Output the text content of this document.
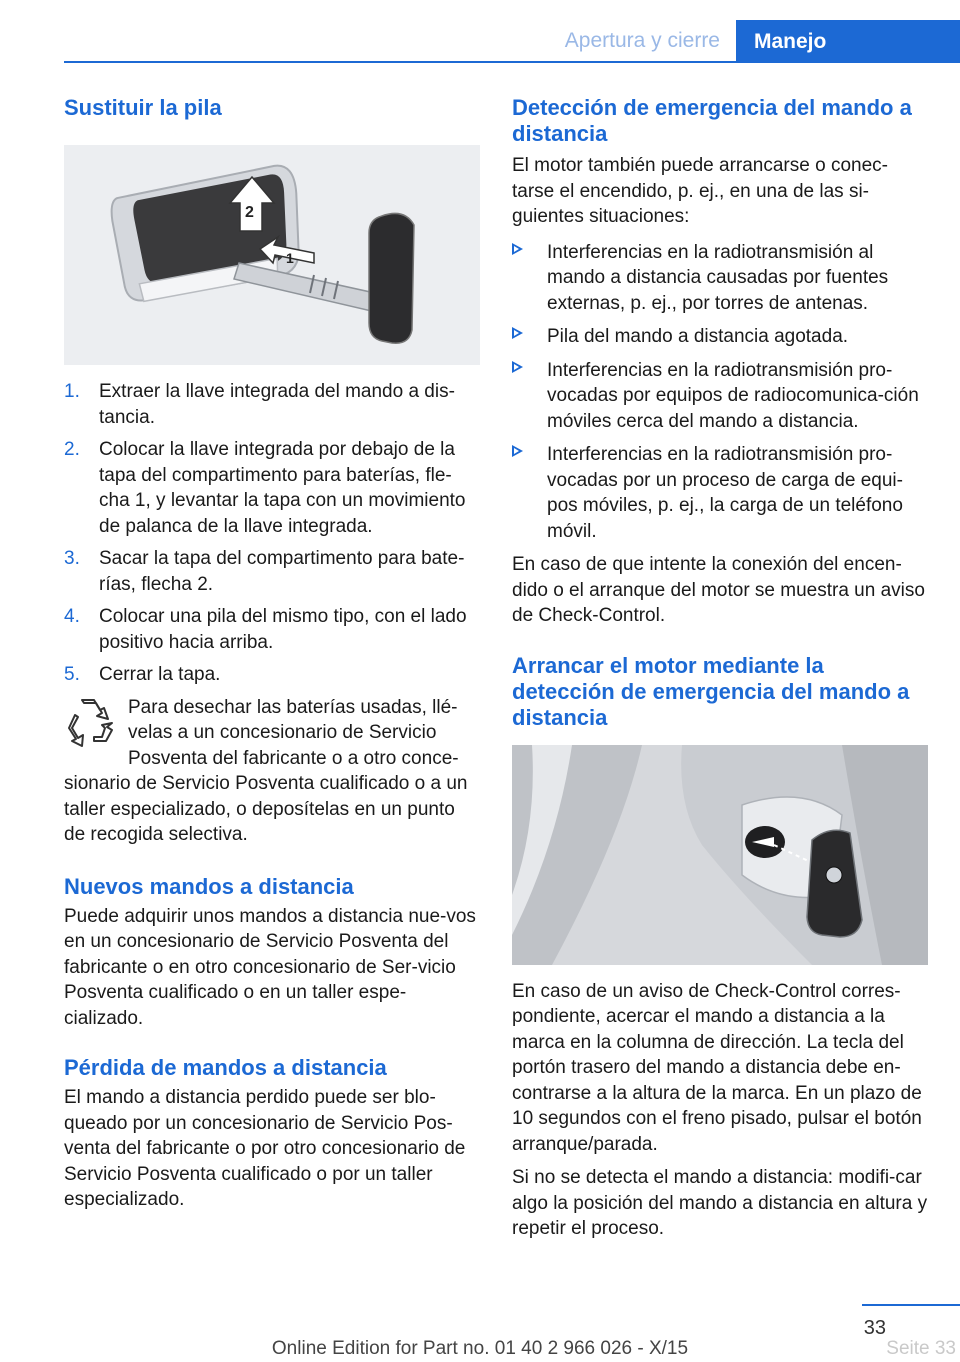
Apertura y cierre	Manejo
Sustituir la pila
1
2
1. Extraer la llave integrada del mando a dis-tancia.
2. Colocar la llave integrada por debajo de la tapa del compartimento para baterías, fle-cha 1, y levantar la tapa con un movimiento de palanca de la llave integrada.
3. Sacar la tapa del compartimento para bate-rías, flecha 2.
4. Colocar una pila del mismo tipo, con el lado positivo hacia arriba.
5. Cerrar la tapa.
Para desechar las baterías usadas, llé-velas a un concesionario de Servicio Posventa del fabricante o a otro conce-sionario de Servicio Posventa cualificado o a un taller especializado, o deposítelas en un punto de recogida selectiva.
Nuevos mandos a distancia

Puede adquirir unos mandos a distancia nue-vos en un concesionario de Servicio Posventa del fabricante o en otro concesionario de Ser-vicio Posventa cualificado o en un taller espe-cializado.

Pérdida de mandos a distancia

El mando a distancia perdido puede ser blo-queado por un concesionario de Servicio Pos-venta del fabricante o por otro concesionario de Servicio Posventa cualificado o por un taller especializado.

Detección de emergencia del mando a distancia

El motor también puede arrancarse o conec-tarse el encendido, p. ej., en una de las si-guientes situaciones:

Interferencias en la radiotransmisión al mando a distancia causadas por fuentes externas, p. ej., por torres de antenas.
Pila del mando a distancia agotada.
Interferencias en la radiotransmisión pro-vocadas por equipos de radiocomunica-ción móviles cerca del mando a distancia.
Interferencias en la radiotransmisión pro-vocadas por un proceso de carga de equi-pos móviles, p. ej., la carga de un teléfono móvil.

En caso de que intente la conexión del encen-dido o el arranque del motor se muestra un aviso de Check-Control.

Arrancar el motor mediante la detección de emergencia del mando a distancia

En caso de un aviso de Check-Control corres-pondiente, acercar el mando a distancia a la marca en la columna de dirección. La tecla del portón trasero del mando a distancia debe en-contrarse a la altura de la marca. En un plazo de 10 segundos con el freno pisado, pulsar el botón arranque/parada.

Si no se detecta el mando a distancia: modifi-car algo la posición del mando a distancia en altura y repetir el proceso.

33
Online Edition for Part no. 01 40 2 966 026 - X/15	Seite 33
